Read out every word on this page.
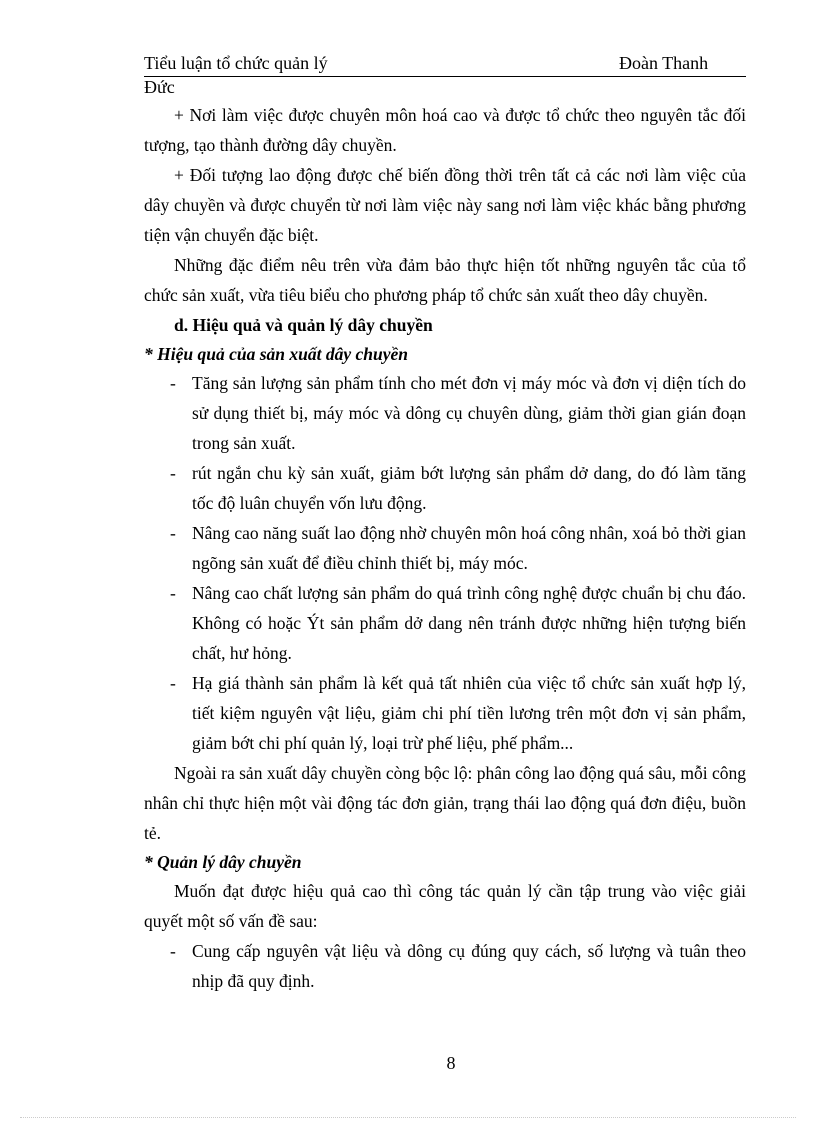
Tiểu luận tổ chức quản lý	Đoàn Thanh
Đức

+ Nơi làm việc được chuyên môn hoá cao và được tổ chức theo nguyên tắc đối tượng, tạo thành đường dây chuyền.

+ Đối tượng lao động được chế biến đồng thời trên tất cả các nơi làm việc của dây chuyền và được chuyển từ nơi làm việc này sang nơi làm việc khác bằng phương tiện vận chuyển đặc biệt.

Những đặc điểm nêu trên vừa đảm bảo thực hiện tốt những nguyên tắc của tổ chức sản xuất, vừa tiêu biểu cho phương pháp tổ chức sản xuất theo dây chuyền.

d. Hiệu quả và quản lý dây chuyền

* Hiệu quả của sản xuất dây chuyền

- Tăng sản lượng sản phẩm tính cho mét đơn vị máy móc và đơn vị diện tích do sử dụng thiết bị, máy móc và dông cụ chuyên dùng, giảm thời gian gián đoạn trong sản xuất.

- rút ngắn chu kỳ sản xuất, giảm bớt lượng sản phẩm dở dang, do đó làm tăng tốc độ luân chuyển vốn lưu động.

- Nâng cao năng suất lao động nhờ chuyên môn hoá công nhân, xoá bỏ thời gian ngõng sản xuất để điều chỉnh thiết bị, máy móc.

- Nâng cao chất lượng sản phẩm do quá trình công nghệ được chuẩn bị chu đáo. Không có hoặc Ýt sản phẩm dở dang nên tránh được những hiện tượng biến chất, hư hỏng.

- Hạ giá thành sản phẩm là kết quả tất nhiên của việc tổ chức sản xuất hợp lý, tiết kiệm nguyên vật liệu, giảm chi phí tiền lương trên một đơn vị sản phẩm, giảm bớt chi phí quản lý, loại trừ phế liệu, phế phẩm...

Ngoài ra sản xuất dây chuyền còng bộc lộ: phân công lao động quá sâu, mỗi công nhân chỉ thực hiện một vài động tác đơn giản, trạng thái lao động quá đơn điệu, buồn tẻ.

* Quản lý dây chuyền

Muốn đạt được hiệu quả cao thì công tác quản lý cần tập trung vào việc giải quyết một số vấn đề sau:

- Cung cấp nguyên vật liệu và dông cụ đúng quy cách, số lượng và tuân theo nhịp đã quy định.

8
